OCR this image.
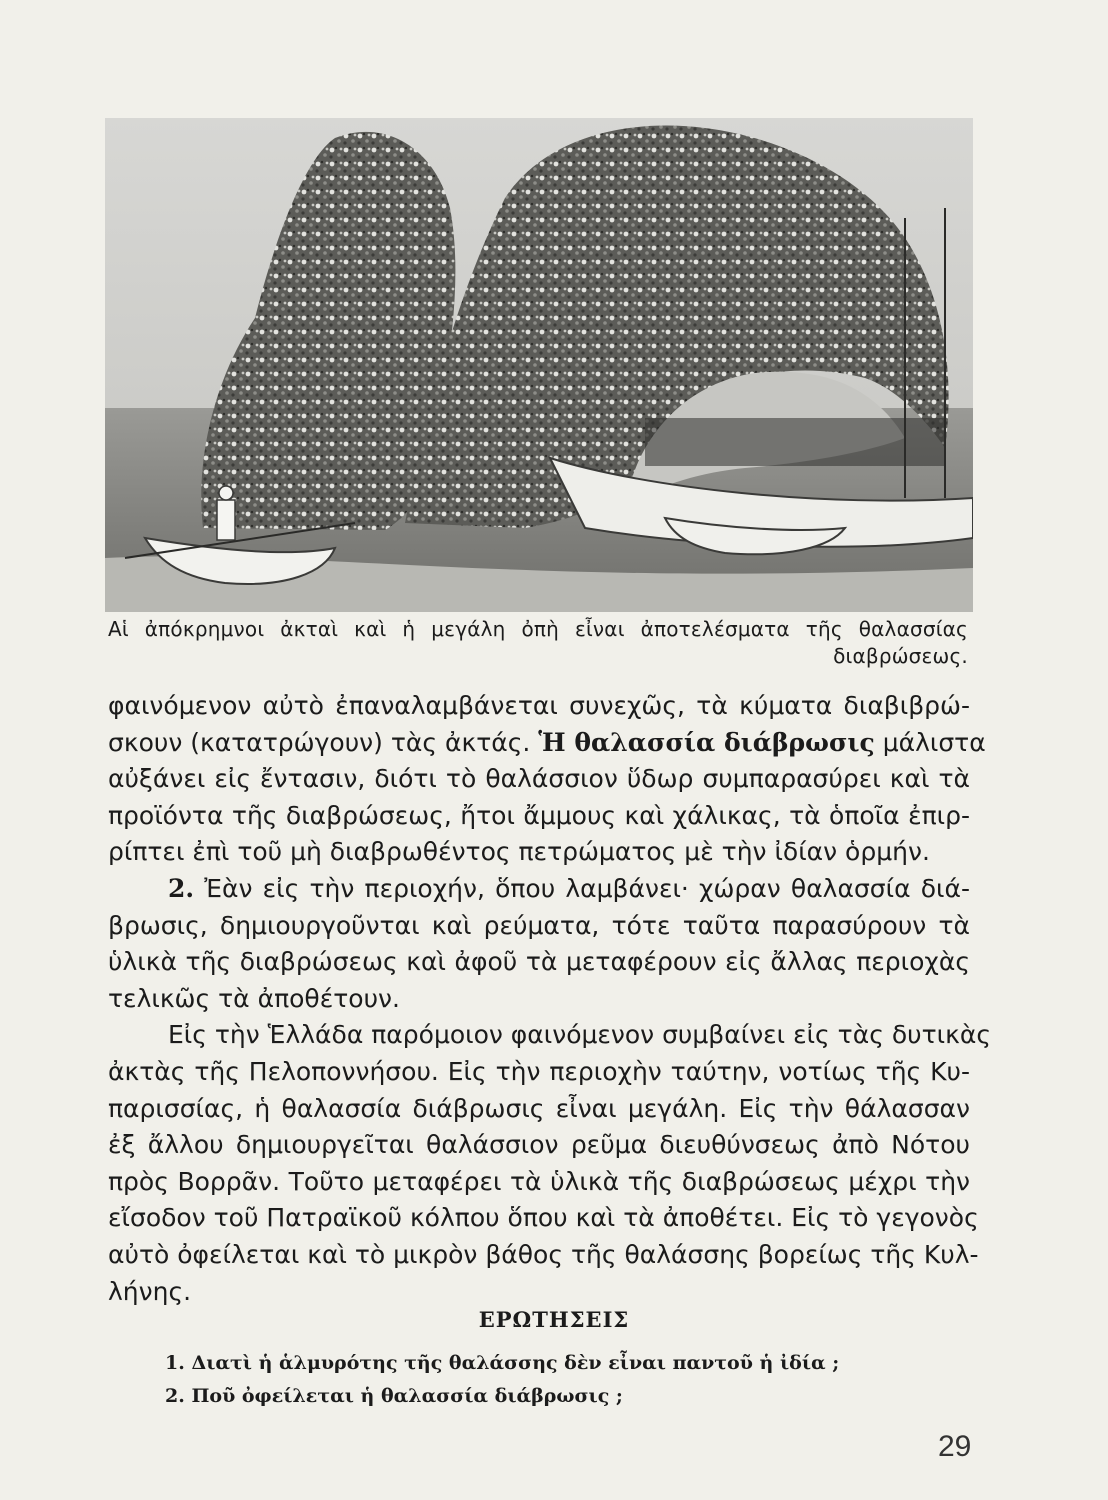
Αἱ ἀπόκρημνοι ἀκταὶ καὶ ἡ μεγάλη ὀπὴ εἶναι ἀποτελέσματα τῆς θαλασσίας
διαβρώσεως.
φαινόμενον αὐτὸ ἐπαναλαμβάνεται συνεχῶς, τὰ κύματα διαβιβρώ-
σκουν (κατατρώγουν) τὰς ἀκτάς. Ἡ θαλασσία διάβρωσις μάλιστα
αὐξάνει εἰς ἔντασιν, διότι τὸ θαλάσσιον ὕδωρ συμπαρασύρει καὶ τὰ
προϊόντα τῆς διαβρώσεως, ἤτοι ἄμμους καὶ χάλικας, τὰ ὁποῖα ἐπιρ-
ρίπτει ἐπὶ τοῦ μὴ διαβρωθέντος πετρώματος μὲ τὴν ἰδίαν ὁρμήν.
2. Ἐὰν εἰς τὴν περιοχήν, ὅπου λαμβάνει· χώραν θαλασσία διά-
βρωσις, δημιουργοῦνται καὶ ρεύματα, τότε ταῦτα παρασύρουν τὰ
ὑλικὰ τῆς διαβρώσεως καὶ ἀφοῦ τὰ μεταφέρουν εἰς ἄλλας περιοχὰς
τελικῶς τὰ ἀποθέτουν.
Εἰς τὴν Ἑλλάδα παρόμοιον φαινόμενον συμβαίνει εἰς τὰς δυτικὰς
ἀκτὰς τῆς Πελοποννήσου. Εἰς τὴν περιοχὴν ταύτην, νοτίως τῆς Κυ-
παρισσίας, ἡ θαλασσία διάβρωσις εἶναι μεγάλη. Εἰς τὴν θάλασσαν
ἐξ ἄλλου δημιουργεῖται θαλάσσιον ρεῦμα διευθύνσεως ἀπὸ Νότου
πρὸς Βορρᾶν. Τοῦτο μεταφέρει τὰ ὑλικὰ τῆς διαβρώσεως μέχρι τὴν
εἴσοδον τοῦ Πατραϊκοῦ κόλπου ὅπου καὶ τὰ ἀποθέτει. Εἰς τὸ γεγονὸς
αὐτὸ ὀφείλεται καὶ τὸ μικρὸν βάθος τῆς θαλάσσης βορείως τῆς Κυλ-
λήνης.
ΕΡΩΤΗΣΕΙΣ
1. Διατὶ ἡ ἁλμυρότης τῆς θαλάσσης δὲν εἶναι παντοῦ ἡ ἰδία ;
2. Ποῦ ὀφείλεται ἡ θαλασσία διάβρωσις ;
29
